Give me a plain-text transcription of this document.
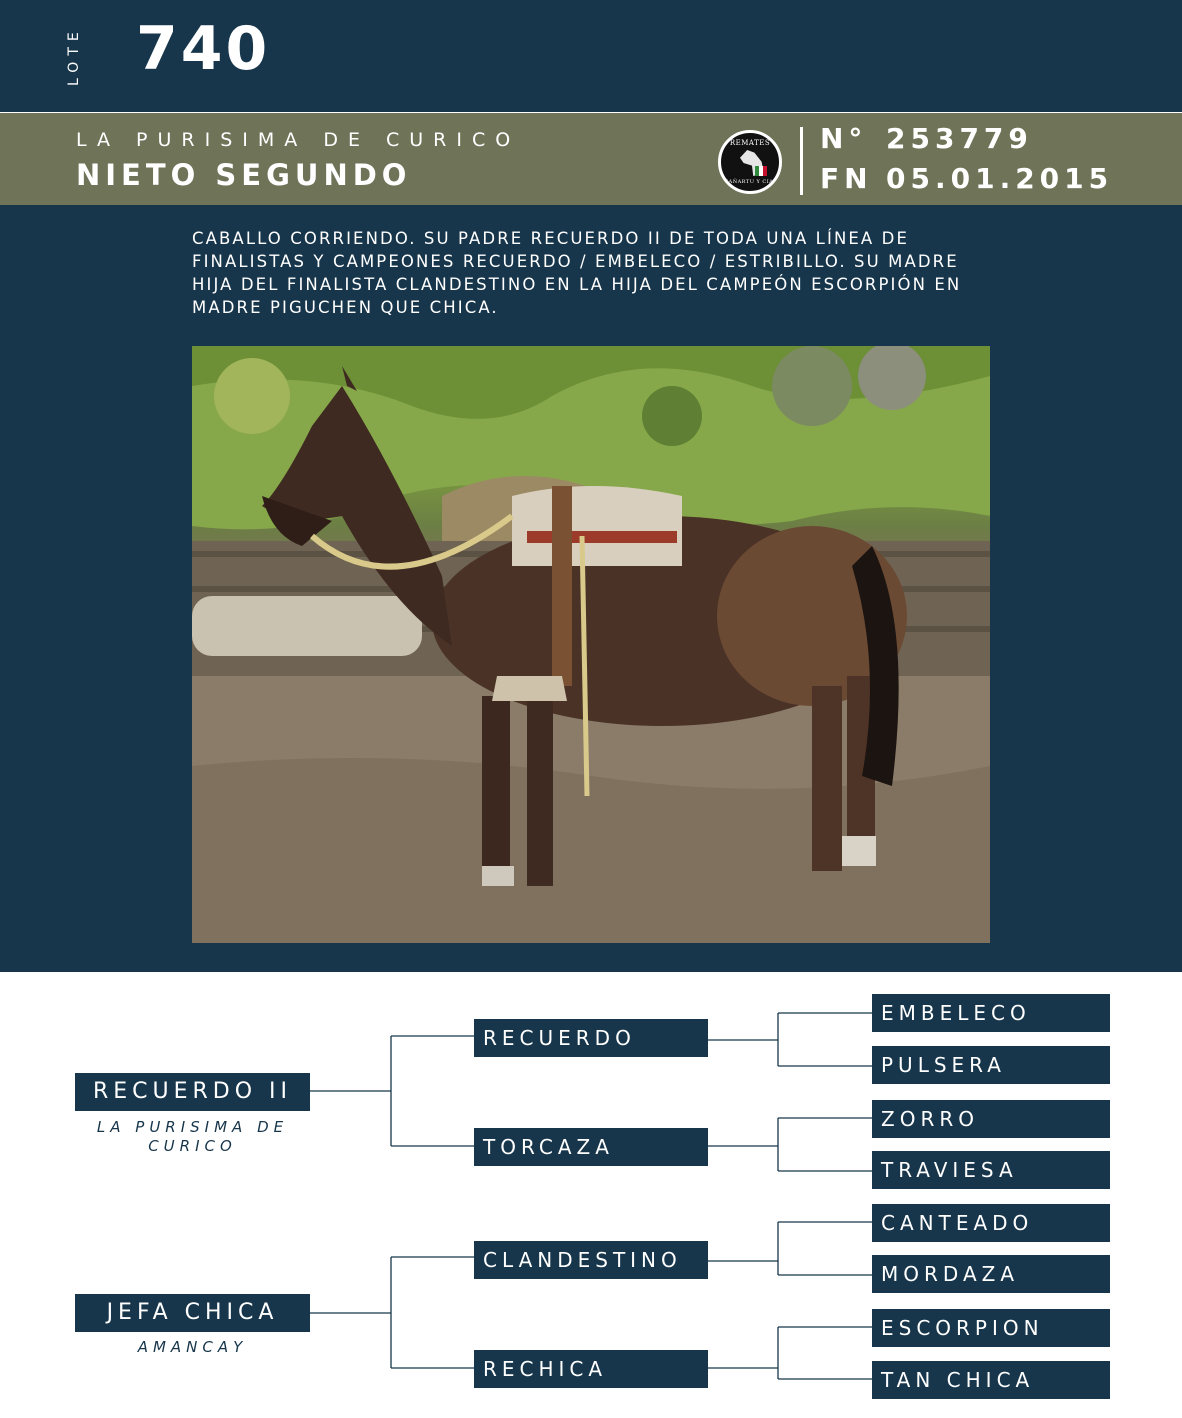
LOTE 740
LA PURISIMA DE CURICO
NIETO SEGUNDO
REMATES
ZAÑARTU Y CIA.
N° 253779
FN 05.01.2015
CABALLO CORRIENDO. SU PADRE RECUERDO II DE TODA UNA LÍNEA DE FINALISTAS Y CAMPEONES RECUERDO / EMBELECO / ESTRIBILLO. SU MADRE HIJA DEL FINALISTA CLANDESTINO EN LA HIJA DEL CAMPEÓN ESCORPIÓN EN MADRE PIGUCHEN QUE CHICA.
RECUERDO II
LA PURISIMA DE CURICO
JEFA CHICA
AMANCAY
RECUERDO
TORCAZA
CLANDESTINO
RECHICA
EMBELECO
PULSERA
ZORRO
TRAVIESA
CANTEADO
MORDAZA
ESCORPION
TAN CHICA
